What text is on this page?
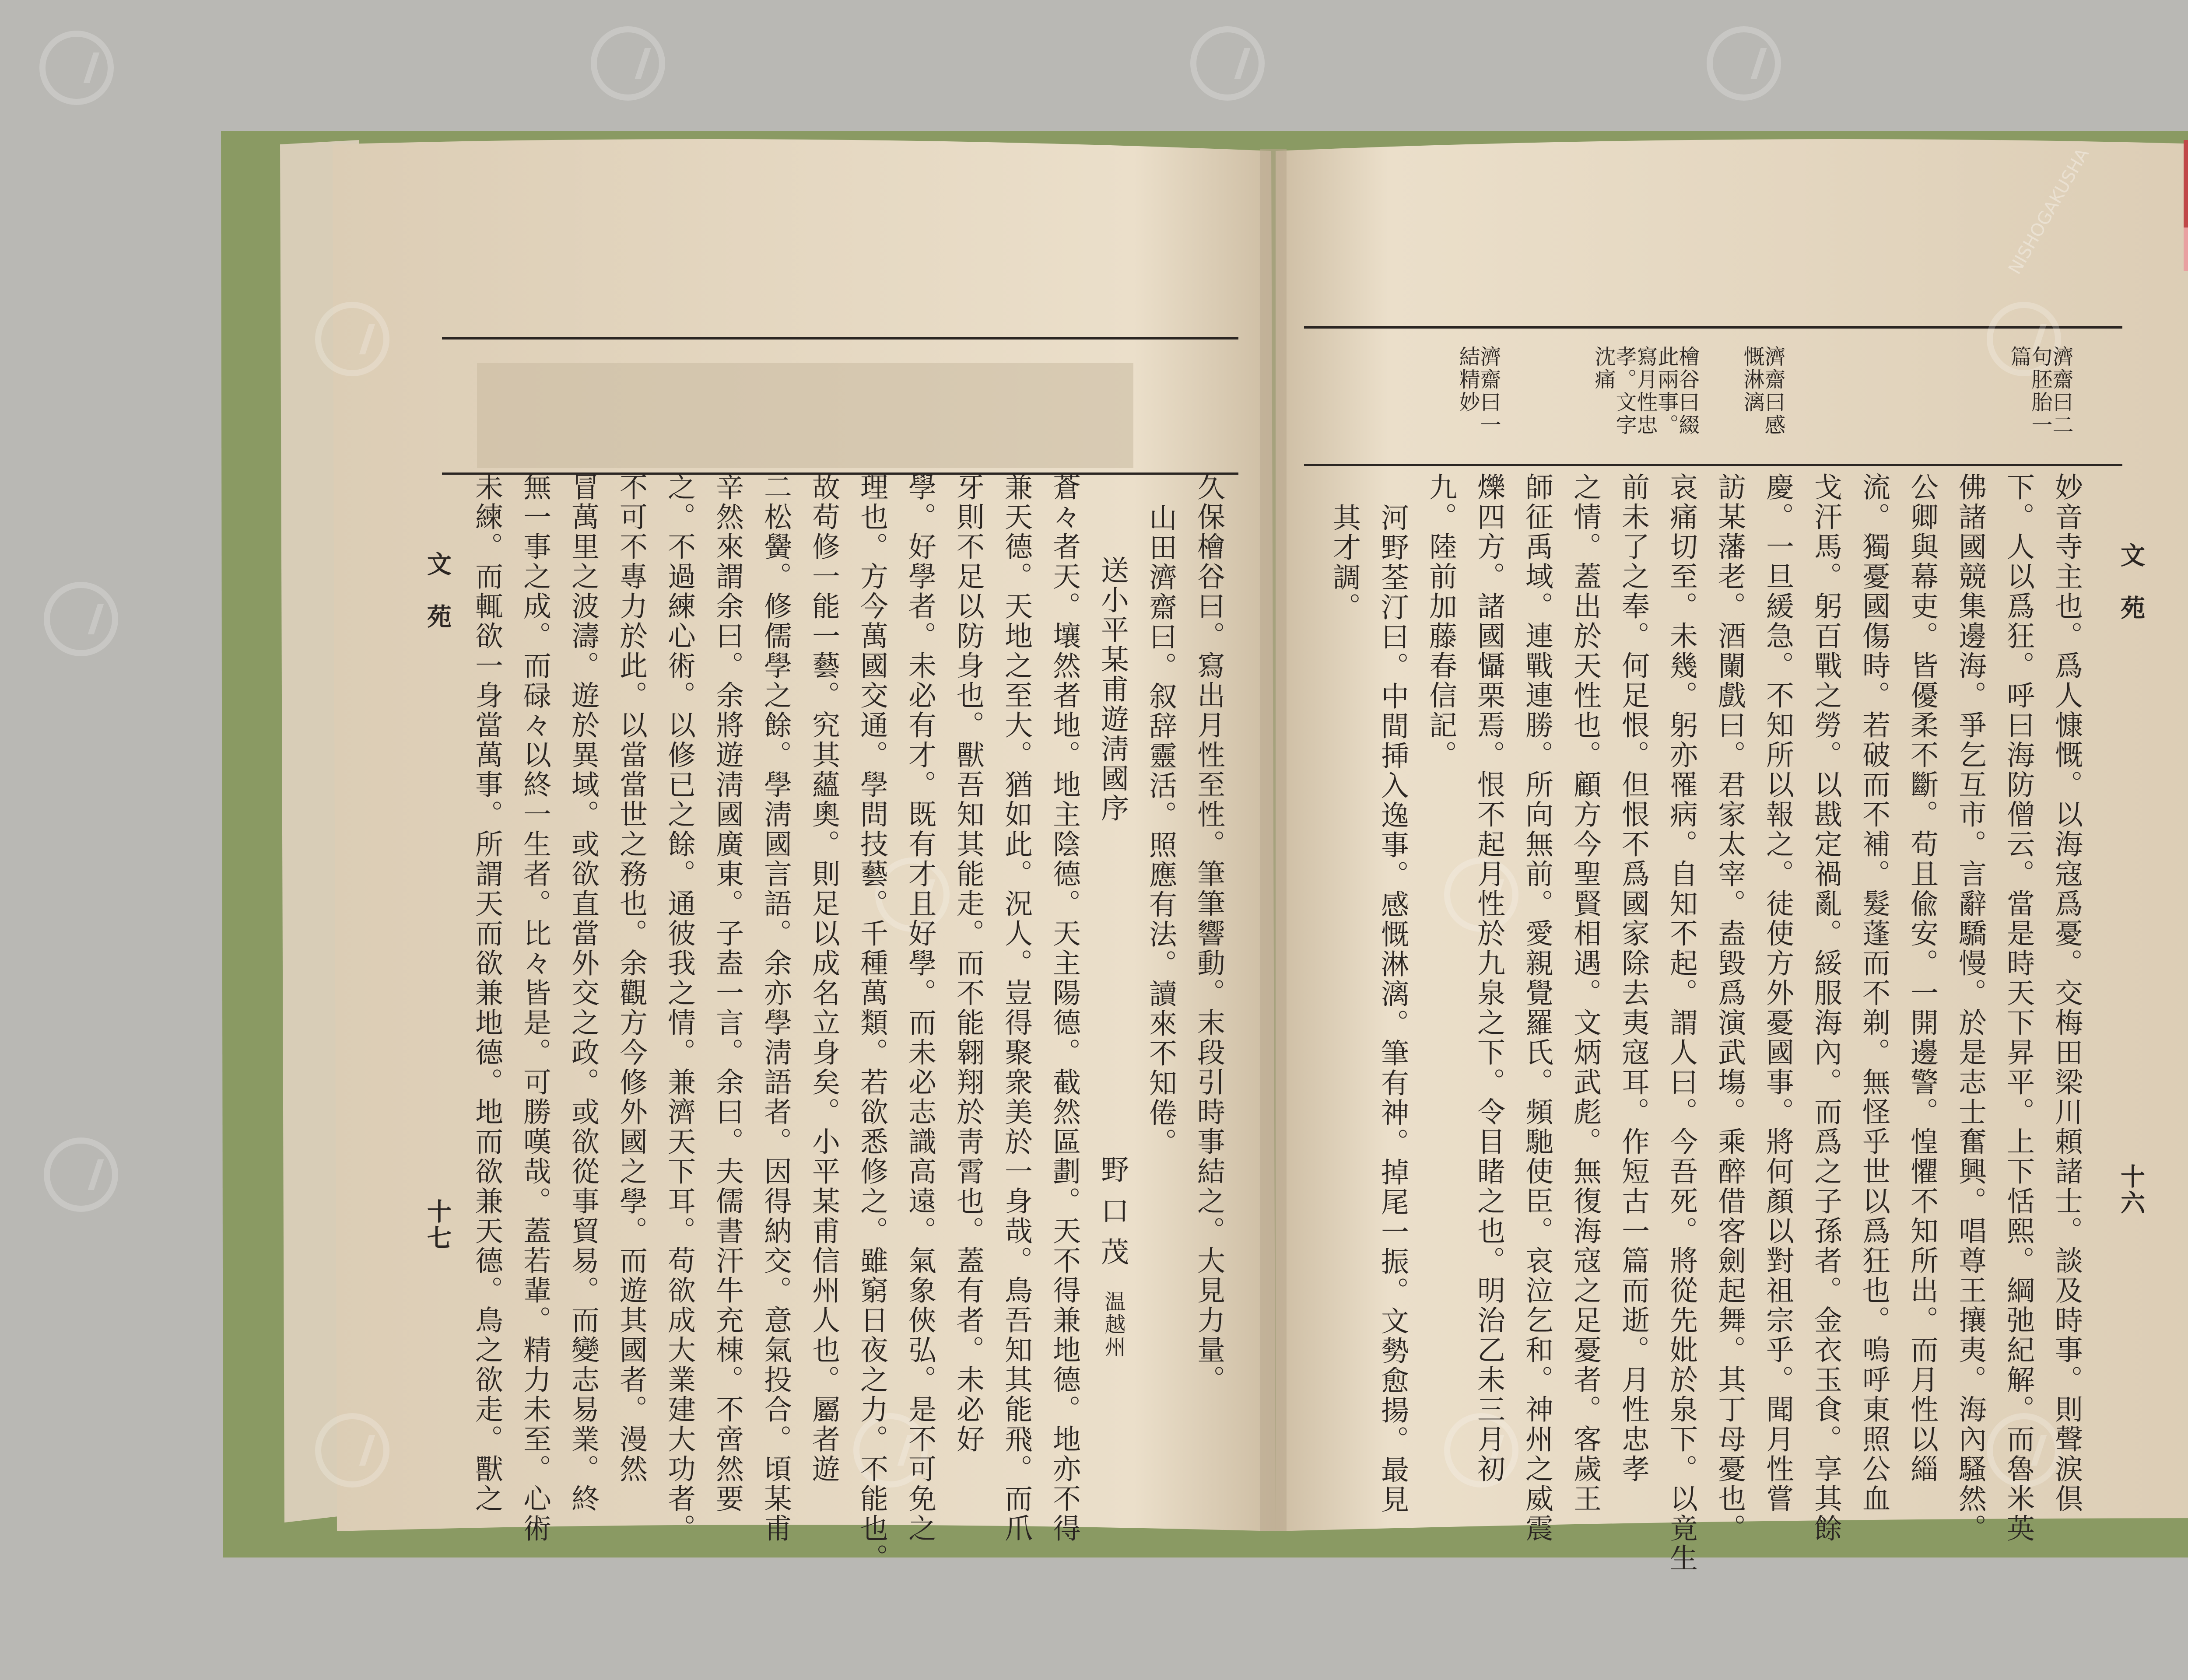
文　苑
十六
濟齋曰二句胚胎一篇
濟齋曰感慨淋漓
檜谷曰綴此兩事。寫月性忠孝。文字沈痛
濟齋曰一結精妙
妙音寺主也。爲人慷慨。以海寇爲憂。交梅田梁川頼諸士。談及時事。則聲涙倶
下。人以爲狂。呼曰海防僧云。當是時天下昇平。上下恬熙。綱弛紀解。而魯米英
佛諸國競集邊海。爭乞互市。言辭驕慢。於是志士奮興。唱尊王攘夷。海內騷然。
公卿與幕吏。皆優柔不斷。苟且偸安。一開邊警。惶懼不知所出。而月性以緇
流。獨憂國傷時。若破而不補。髮蓬而不剃。無怪乎世以爲狂也。嗚呼東照公血
戈汗馬。躬百戰之勞。以戡定禍亂。綏服海內。而爲之子孫者。金衣玉食。享其餘
慶。一旦緩急。不知所以報之。徒使方外憂國事。將何顏以對祖宗乎。聞月性嘗
訪某藩老。酒闌戲曰。君家太宰。盍毀爲演武塲。乘醉借客劍起舞。其丁母憂也。
哀痛切至。未幾。躬亦罹病。自知不起。謂人曰。今吾死。將從先妣於泉下。以竟生
前未了之奉。何足恨。但恨不爲國家除去夷寇耳。作短古一篇而逝。月性忠孝
之情。蓋出於天性也。顧方今聖賢相遇。文炳武彪。無復海寇之足憂者。客歲王
師征禹域。連戰連勝。所向無前。愛親覺羅氏。頻馳使臣。哀泣乞和。神州之威震
爍四方。諸國懾栗焉。恨不起月性於九泉之下。令目睹之也。明治乙未三月初
九。陸前加藤春信記。
河野荃汀曰。中間挿入逸事。感慨淋漓。筆有神。掉尾一振。文勢愈揚。最見
其才調。
久保檜谷曰。寫出月性至性。筆筆響動。末段引時事結之。大見力量。
山田濟齋曰。叙辞靈活。照應有法。讀來不知倦。
送小平某甫遊淸國序
野口茂
温越州
蒼々者天。壤然者地。地主陰德。天主陽德。截然區劃。天不得兼地德。地亦不得
兼天德。天地之至大。猶如此。況人。豈得聚衆美於一身哉。鳥吾知其能飛。而爪
牙則不足以防身也。獸吾知其能走。而不能翱翔於靑霄也。蓋有者。未必好
學。好學者。未必有才。既有才且好學。而未必志識高遠。氣象俠弘。是不可免之
理也。方今萬國交通。學問技藝。千種萬類。若欲悉修之。雖窮日夜之力。不能也。
故苟修一能一藝。究其蘊奧。則足以成名立身矣。小平某甫信州人也。屬者遊
二松黌。修儒學之餘。學淸國言語。余亦學淸語者。因得納交。意氣投合。頃某甫
辛然來謂余曰。余將遊淸國廣東。子盍一言。余曰。夫儒書汗牛充棟。不啻然要
之。不過練心術。以修已之餘。通彼我之情。兼濟天下耳。苟欲成大業建大功者。
不可不專力於此。以當當世之務也。余觀方今修外國之學。而遊其國者。漫然
冒萬里之波濤。遊於異域。或欲直當外交之政。或欲從事貿易。而變志易業。終
無一事之成。而碌々以終一生者。比々皆是。可勝嘆哉。蓋若輩。精力未至。心術
未練。而輒欲一身當萬事。所謂天而欲兼地德。地而欲兼天德。鳥之欲走。獸之
文　苑
十七
NISHOGAKUSHA
